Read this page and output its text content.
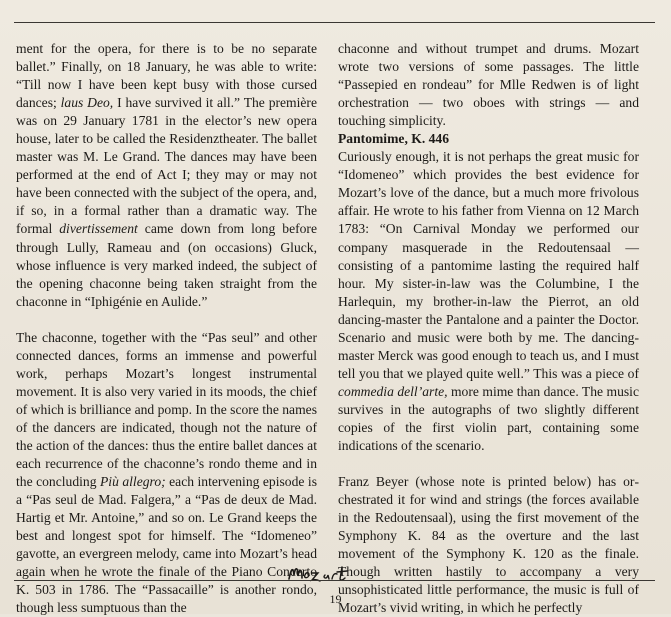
ment for the opera, for there is to be no separate ballet.” Finally, on 18 January, he was able to write: “Till now I have been kept busy with those cursed dances; laus Deo, I have survived it all.” The première was on 29 January 1781 in the elector’s new opera house, later to be called the Residenztheater. The ballet master was M. Le Grand. The dances may have been performed at the end of Act I; they may or may not have been connected with the subject of the opera, and, if so, in a formal rather than a dramatic way. The formal divertissement came down from long before through Lully, Rameau and (on occasions) Gluck, whose influence is very marked indeed, the subject of the opening chaconne being taken straight from the chaconne in “Iphigénie en Aulide.”

The chaconne, together with the “Pas seul” and other connected dances, forms an immense and powerful work, perhaps Mozart’s longest instrumental movement. It is also very varied in its moods, the chief of which is brilliance and pomp. In the score the names of the dancers are indicated, though not the nature of the action of the dances: thus the entire ballet dances at each recurrence of the chaconne’s rondo theme and in the concluding Più allegro; each intervening episode is a “Pas seul de Mad. Falgera,” a “Pas de deux de Mad. Hartig et Mr. Antoine,” and so on. Le Grand keeps the best and longest spot for himself. The “Idomeneo” gavotte, an evergreen melody, came into Mozart’s head again when he wrote the finale of the Piano Concerto K. 503 in 1786. The “Passacaille” is another rondo, though less sumptuous than the

chaconne and without trumpet and drums. Mozart wrote two versions of some passages. The little “Passepied en rondeau” for Mlle Redwen is of light orchestration — two oboes with strings — and touching simplicity.

Pantomime, K. 446

Curiously enough, it is not perhaps the great music for “Idomeneo” which provides the best evidence for Mozart’s love of the dance, but a much more frivolous affair. He wrote to his father from Vienna on 12 March 1783: “On Carnival Monday we performed our company masquerade in the Redoutensaal — consisting of a pantomime lasting the required half hour. My sister-in-law was the Columbine, I the Harlequin, my brother-in-law the Pierrot, an old dancing-master the Pantalone and a painter the Doctor. Scenario and music were both by me. The dancing-master Merck was good enough to teach us, and I must tell you that we played quite well.” This was a piece of commedia dell’arte, more mime than dance. The music survives in the autographs of two slightly different copies of the first violin part, containing some indications of the scenario.

Franz Beyer (whose note is printed below) has orchestrated it for wind and strings (the forces available in the Redoutensaal), using the first movement of the Symphony K. 84 as the overture and the last movement of the Symphony K. 120 as the finale. Though written hastily to accompany a very unsophisticated little performance, the music is full of Mozart’s vivid writing, in which he perfectly

19
